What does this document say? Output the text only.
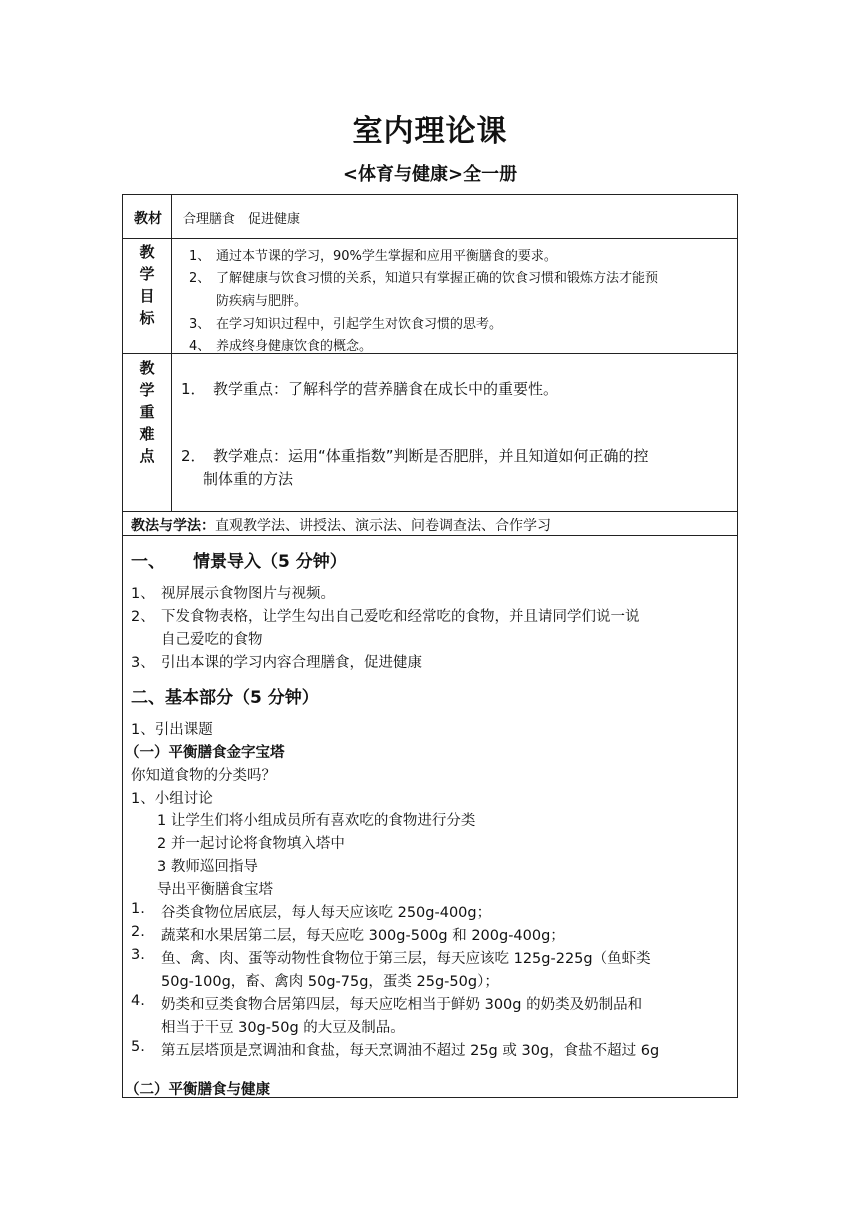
室内理论课
<体育与健康>全一册
教材 合理膳食　促进健康
教
学
目
标
1、 通过本节课的学习，90%学生掌握和应用平衡膳食的要求。
2、 了解健康与饮食习惯的关系，知道只有掌握正确的饮食习惯和锻炼方法才能预
防疾病与肥胖。
3、 在学习知识过程中，引起学生对饮食习惯的思考。
4、 养成终身健康饮食的概念。
教
学
重
难
点
1． 教学重点：了解科学的营养膳食在成长中的重要性。
2． 教学难点：运用“体重指数”判断是否肥胖，并且知道如何正确的控
制体重的方法
教法与学法：直观教学法、讲授法、演示法、问卷调查法、合作学习
一、 情景导入（5 分钟）
1、 视屏展示食物图片与视频。
2、 下发食物表格，让学生勾出自己爱吃和经常吃的食物，并且请同学们说一说
自己爱吃的食物
3、 引出本课的学习内容合理膳食，促进健康
二、基本部分（5 分钟）
1、引出课题
（一）平衡膳食金字宝塔
你知道食物的分类吗？
1、小组讨论
1 让学生们将小组成员所有喜欢吃的食物进行分类
2 并一起讨论将食物填入塔中
3 教师巡回指导
导出平衡膳食宝塔
1. 谷类食物位居底层，每人每天应该吃 250g-400g；
2. 蔬菜和水果居第二层，每天应吃 300g-500g 和 200g-400g；
3. 鱼、禽、肉、蛋等动物性食物位于第三层，每天应该吃 125g-225g（鱼虾类
50g-100g，畜、禽肉 50g-75g，蛋类 25g-50g）；
4. 奶类和豆类食物合居第四层，每天应吃相当于鲜奶 300g 的奶类及奶制品和
相当于干豆 30g-50g 的大豆及制品。
5. 第五层塔顶是烹调油和食盐，每天烹调油不超过 25g 或 30g，食盐不超过 6g
（二）平衡膳食与健康
